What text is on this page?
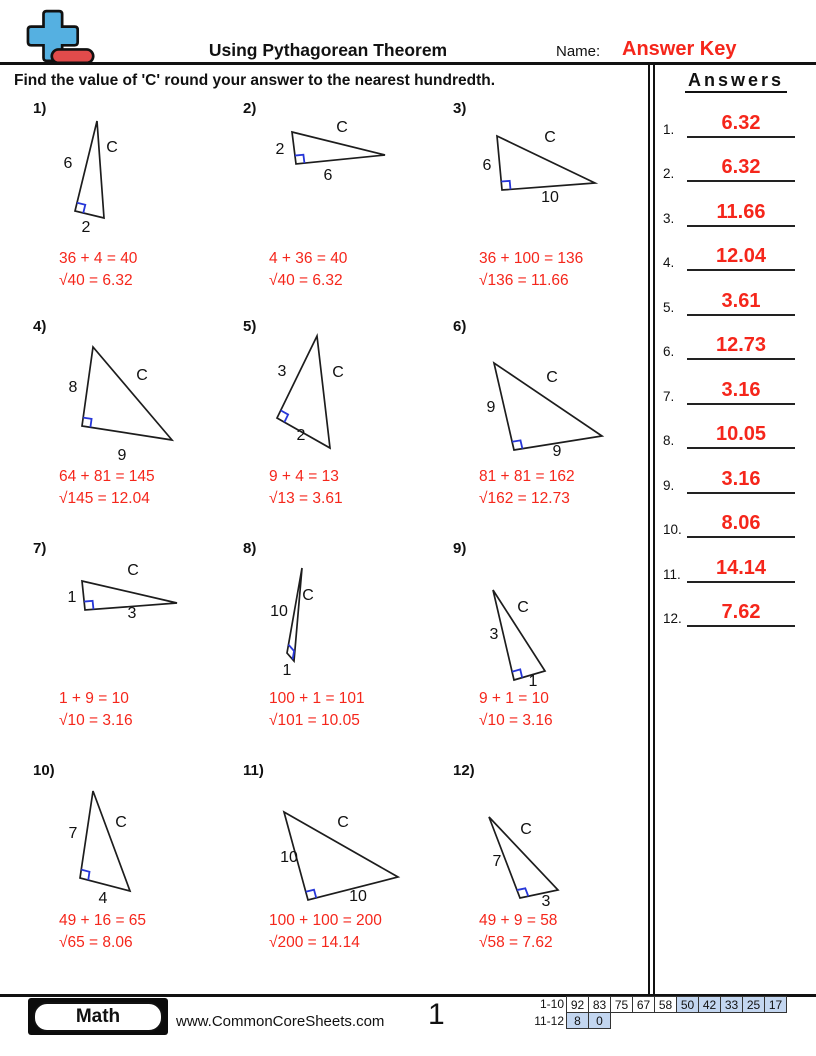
Using Pythagorean Theorem	Name: Answer Key
Find the value of 'C' round your answer to the nearest hundredth.
1)
6
C
2
36 + 4 = 40
√40 = 6.32
2)
2
C
6
4 + 36 = 40
√40 = 6.32
3)
6
C
10
36 + 100 = 136
√136 = 11.66
4)
8
C
9
64 + 81 = 145
√145 = 12.04
5)
3	C
2
9 + 4 = 13
√13 = 3.61
6)
9
C
9
81 + 81 = 162
√162 = 12.73
7)
1
C
3
1 + 9 = 10
√10 = 3.16
8)
10
C
1
100 + 1 = 101
√101 = 10.05
9)
3
C
1
9 + 1 = 10
√10 = 3.16
10)
7
C
4
49 + 16 = 65
√65 = 8.06
11)
10
C
10
100 + 100 = 200
√200 = 14.14
12)
7
C
3
49 + 9 = 58
√58 = 7.62
Answers
1.	6.32
2.	6.32
3.	11.66
4.	12.04
5.	3.61
6.	12.73
7.	3.16
8.	10.05
9.	3.16
10.	8.06
11.	14.14
12.	7.62
Math	www.CommonCoreSheets.com 1	1-10 92 83 75 67 58 50 42 33 25 17
11-12 8	0
